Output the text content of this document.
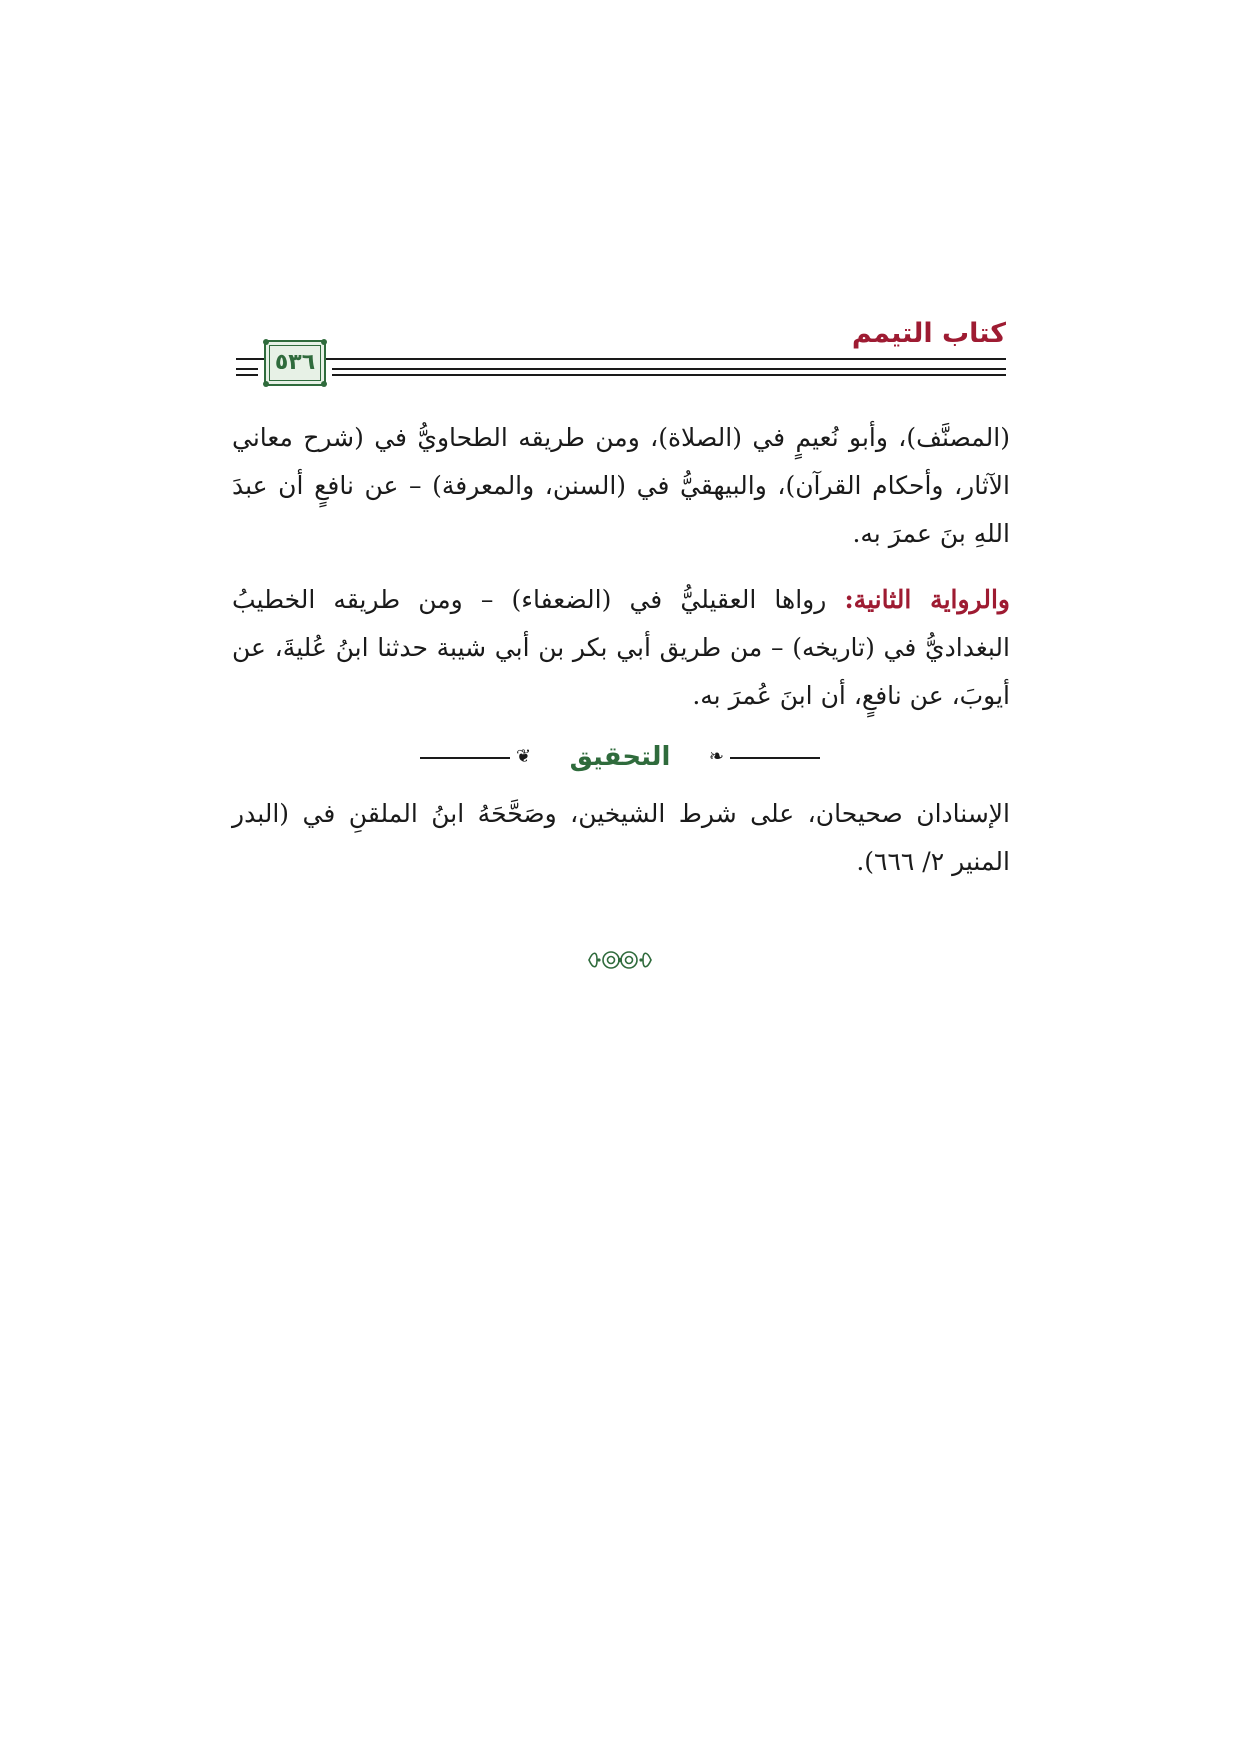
كتاب التيمم
٥٣٦

(المصنَّف)، وأبو نُعيمٍ في (الصلاة)، ومن طريقه الطحاويُّ في (شرح معاني الآثار، وأحكام القرآن)، والبيهقيُّ في (السنن، والمعرفة) – عن نافعٍ أن عبدَ اللهِ بنَ عمرَ به.

والرواية الثانية: رواها العقيليُّ في (الضعفاء) – ومن طريقه الخطيبُ البغداديُّ في (تاريخه) – من طريق أبي بكر بن أبي شيبة حدثنا ابنُ عُليةَ، عن أيوبَ، عن نافعٍ، أن ابنَ عُمرَ به.

❦	التحقيق	❧

الإسنادان صحيحان، على شرط الشيخين، وصَحَّحَهُ ابنُ الملقنِ في (البدر المنير ٢/ ٦٦٦).
